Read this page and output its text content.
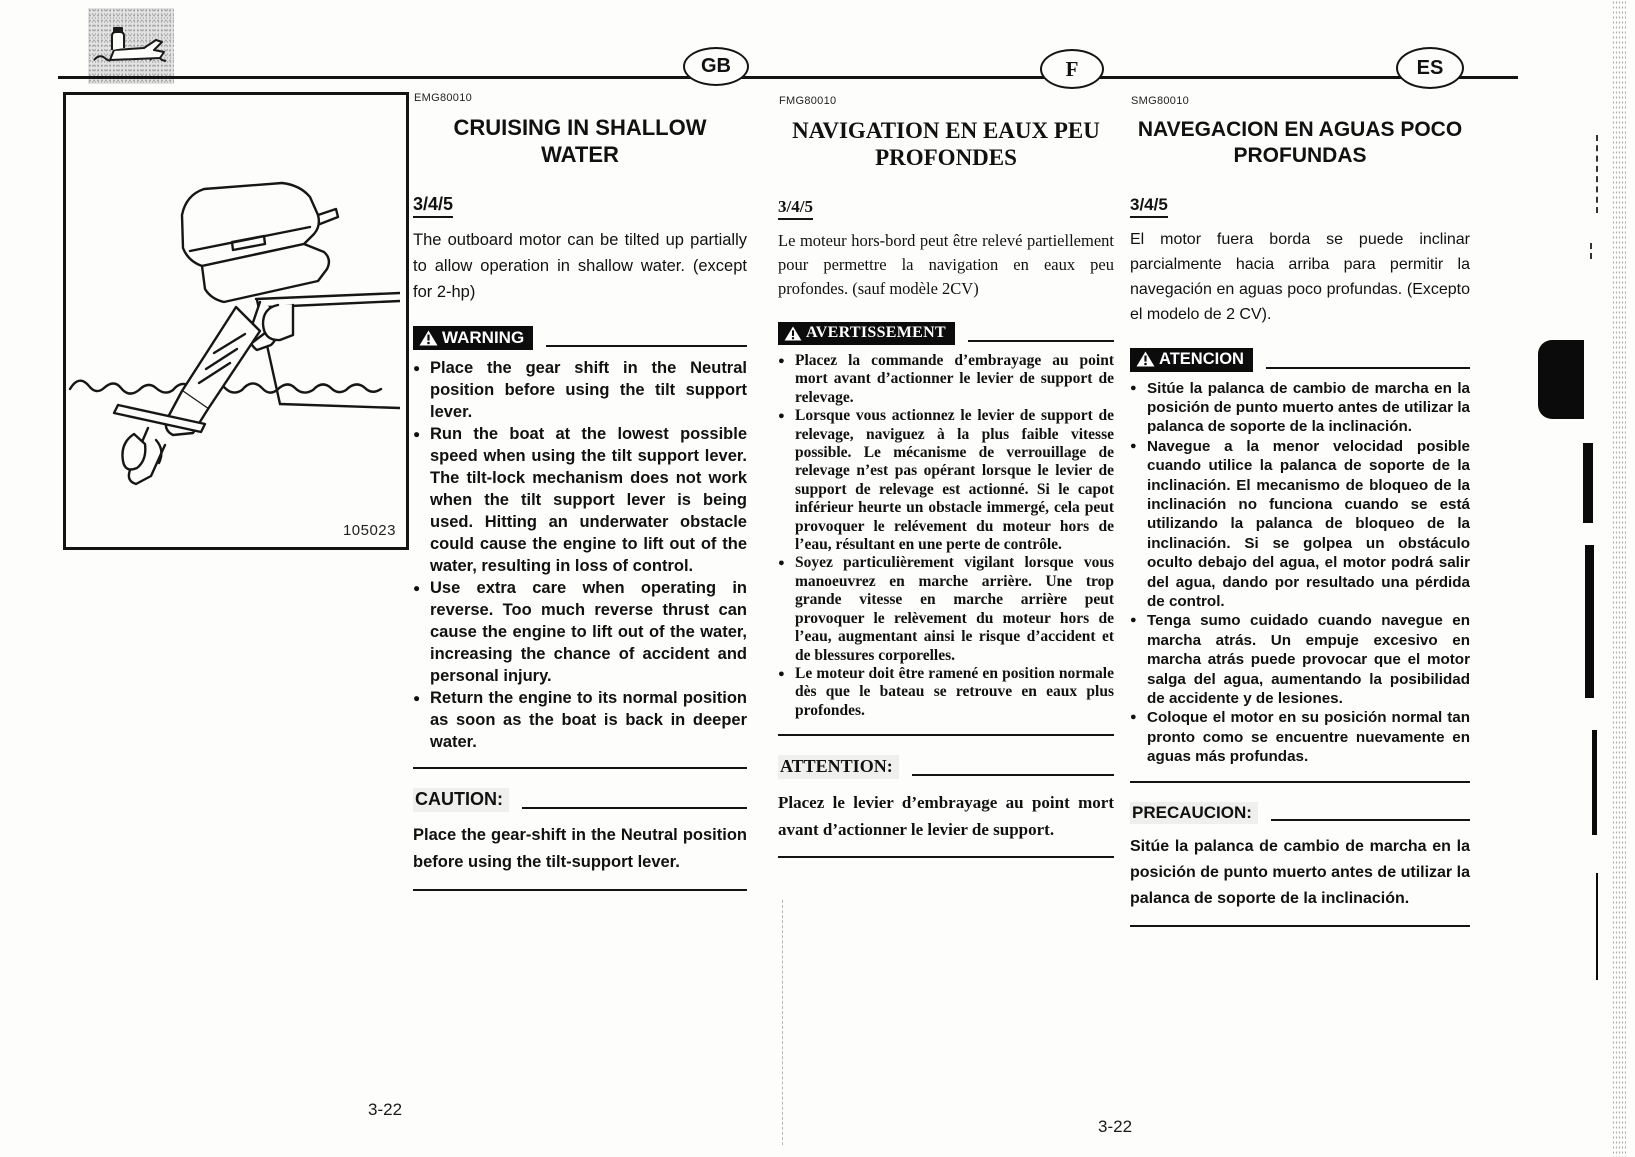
GB	F	ES
105023
EMG80010
CRUISING IN SHALLOW WATER
3/4/5

The outboard motor can be tilted up partially to allow operation in shallow water. (except for 2-hp)

WARNING
● Place the gear shift in the Neutral position before using the tilt support lever.
● Run the boat at the lowest possible speed when using the tilt support lever. The tilt-lock mechanism does not work when the tilt support lever is being used. Hitting an underwater obstacle could cause the engine to lift out of the water, resulting in loss of control.
● Use extra care when operating in reverse. Too much reverse thrust can cause the engine to lift out of the water, increasing the chance of accident and personal injury.
● Return the engine to its normal position as soon as the boat is back in deeper water.
CAUTION:

Place the gear-shift in the Neutral position before using the tilt-support lever.

FMG80010
NAVIGATION EN EAUX PEU PROFONDES
3/4/5

Le moteur hors-bord peut être relevé partiellement pour permettre la navigation en eaux peu profondes. (sauf modèle 2CV)

AVERTISSEMENT
● Placez la commande d’embrayage au point mort avant d’actionner le levier de support de relevage.
● Lorsque vous actionnez le levier de support de relevage, naviguez à la plus faible vitesse possible. Le mécanisme de verrouillage de relevage n’est pas opérant lorsque le levier de support de relevage est actionné. Si le capot inférieur heurte un obstacle immergé, cela peut provoquer le relévement du moteur hors de l’eau, résultant en une perte de contrôle.
● Soyez particulièrement vigilant lorsque vous manoeuvrez en marche arrière. Une trop grande vitesse en marche arrière peut provoquer le relèvement du moteur hors de l’eau, augmentant ainsi le risque d’accident et de blessures corporelles.
● Le moteur doit être ramené en position normale dès que le bateau se retrouve en eaux plus profondes.
ATTENTION:

Placez le levier d’embrayage au point mort avant d’actionner le levier de support.

SMG80010
NAVEGACION EN AGUAS POCO PROFUNDAS
3/4/5

El motor fuera borda se puede inclinar parcialmente hacia arriba para permitir la navegación en aguas poco profundas. (Excepto el modelo de 2 CV).

ATENCION
● Sitúe la palanca de cambio de marcha en la posición de punto muerto antes de utilizar la palanca de soporte de la inclinación.
● Navegue a la menor velocidad posible cuando utilice la palanca de soporte de la inclinación. El mecanismo de bloqueo de la inclinación no funciona cuando se está utilizando la palanca de bloqueo de la inclinación. Si se golpea un obstáculo oculto debajo del agua, el motor podrá salir del agua, dando por resultado una pérdida de control.
● Tenga sumo cuidado cuando navegue en marcha atrás. Un empuje excesivo en marcha atrás puede provocar que el motor salga del agua, aumentando la posibilidad de accidente y de lesiones.
● Coloque el motor en su posición normal tan pronto como se encuentre nuevamente en aguas más profundas.
PRECAUCION:

Sitúe la palanca de cambio de marcha en la posición de punto muerto antes de utilizar la palanca de soporte de la inclinación.

3-22
3-22
